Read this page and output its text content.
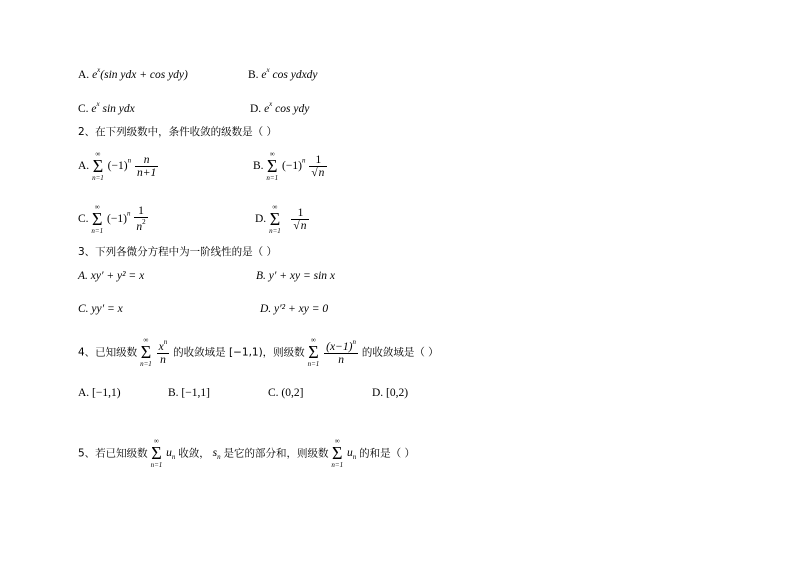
A. $e^x(\sin$ ydx + cos ydy)	B. $e^x$ cos ydxdy
C. $e^x$ sin ydx	D. $e^x$ cos ydy
2、在下列级数中，条件收敛的级数是（ ）
A. ∞
Σ
n=1 $(-1)^n \frac{n}{n+1}$	B. ∞
Σ
n=1 $(-1)^n \frac{1}{√n}$
C. ∞
Σ
n=1 $(-1)^n \frac{1}{n^2}$	D. ∞
Σ
$n=1 \frac{1}{√n}$
3、下列各微分方程中为一阶线性的是（ ）
A. xy′ + y² = x	B. y′ + xy = sin x
C. yy′ = x	D. y′² + xy = 0
4、已知级数 ∞
Σ
$n=1 \frac{x^n}{n}$ 的收敛域是 [−1,1)，则级数 ∞
Σ
$n=1 \frac{(x-1)^n}{n}$ 的收敛域是（ ）
A. [−1,1)	B. [−1,1]	C. (0,2]	D. [0,2)
5、若已知级数 ∞
Σ
n=1 $u_n$ 收敛， $s_n$ 是它的部分和，则级数 ∞
Σ
n=1 $u_n$ 的和是（ ）
